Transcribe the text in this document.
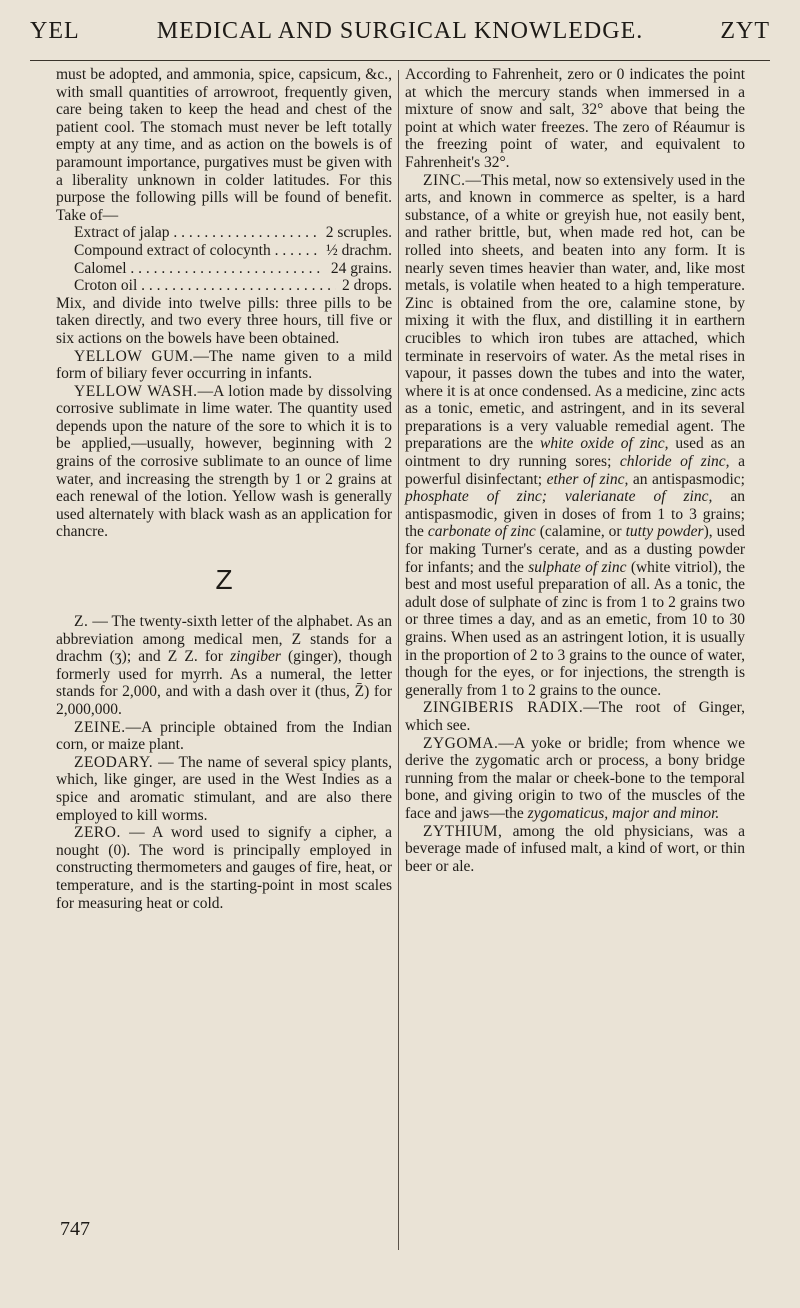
YEL	MEDICAL AND SURGICAL KNOWLEDGE.	ZYT

must be adopted, and ammonia, spice, capsicum, &c., with small quantities of arrowroot, frequently given, care being taken to keep the head and chest of the patient cool. The stomach must never be left totally empty at any time, and as action on the bowels is of paramount importance, purgatives must be given with a liberality unknown in colder latitudes. For this purpose the following pills will be found of benefit. Take of—

Extract of jalap . . .	2 scruples.
Compound extract of colocynth . . .	½ drachm.
Calomel . . .	24 grains.
Croton oil . . .	2 drops.

Mix, and divide into twelve pills: three pills to be taken directly, and two every three hours, till five or six actions on the bowels have been obtained.

YELLOW GUM.—The name given to a mild form of biliary fever occurring in infants.

YELLOW WASH.—A lotion made by dissolving corrosive sublimate in lime water. The quantity used depends upon the nature of the sore to which it is to be applied,—usually, however, beginning with 2 grains of the corrosive sublimate to an ounce of lime water, and increasing the strength by 1 or 2 grains at each renewal of the lotion. Yellow wash is generally used alternately with black wash as an application for chancre.

Z

Z. — The twenty-sixth letter of the alphabet. As an abbreviation among medical men, Z stands for a drachm (ʒ); and Z Z. for zingiber (ginger), though formerly used for myrrh. As a numeral, the letter stands for 2,000, and with a dash over it (thus, Z̄) for 2,000,000.

ZEINE.—A principle obtained from the Indian corn, or maize plant.

ZEODARY. — The name of several spicy plants, which, like ginger, are used in the West Indies as a spice and aromatic stimulant, and are also there employed to kill worms.

ZERO. — A word used to signify a cipher, a nought (0). The word is principally employed in constructing thermometers and gauges of fire, heat, or temperature, and is the starting-point in most scales for measuring heat or cold.

According to Fahrenheit, zero or 0 indicates the point at which the mercury stands when immersed in a mixture of snow and salt, 32° above that being the point at which water freezes. The zero of Réaumur is the freezing point of water, and equivalent to Fahrenheit's 32°.

ZINC.—This metal, now so extensively used in the arts, and known in commerce as spelter, is a hard substance, of a white or greyish hue, not easily bent, and rather brittle, but, when made red hot, can be rolled into sheets, and beaten into any form. It is nearly seven times heavier than water, and, like most metals, is volatile when heated to a high temperature. Zinc is obtained from the ore, calamine stone, by mixing it with the flux, and distilling it in earthern crucibles to which iron tubes are attached, which terminate in reservoirs of water. As the metal rises in vapour, it passes down the tubes and into the water, where it is at once condensed. As a medicine, zinc acts as a tonic, emetic, and astringent, and in its several preparations is a very valuable remedial agent. The preparations are the white oxide of zinc, used as an ointment to dry running sores; chloride of zinc, a powerful disinfectant; ether of zinc, an antispasmodic; phosphate of zinc; valerianate of zinc, an antispasmodic, given in doses of from 1 to 3 grains; the carbonate of zinc (calamine, or tutty powder), used for making Turner's cerate, and as a dusting powder for infants; and the sulphate of zinc (white vitriol), the best and most useful preparation of all. As a tonic, the adult dose of sulphate of zinc is from 1 to 2 grains two or three times a day, and as an emetic, from 10 to 30 grains. When used as an astringent lotion, it is usually in the proportion of 2 to 3 grains to the ounce of water, though for the eyes, or for injections, the strength is generally from 1 to 2 grains to the ounce.

ZINGIBERIS RADIX.—The root of Ginger, which see.

ZYGOMA.—A yoke or bridle; from whence we derive the zygomatic arch or process, a bony bridge running from the malar or cheek-bone to the temporal bone, and giving origin to two of the muscles of the face and jaws—the zygomaticus, major and minor.

ZYTHIUM, among the old physicians, was a beverage made of infused malt, a kind of wort, or thin beer or ale.

747
